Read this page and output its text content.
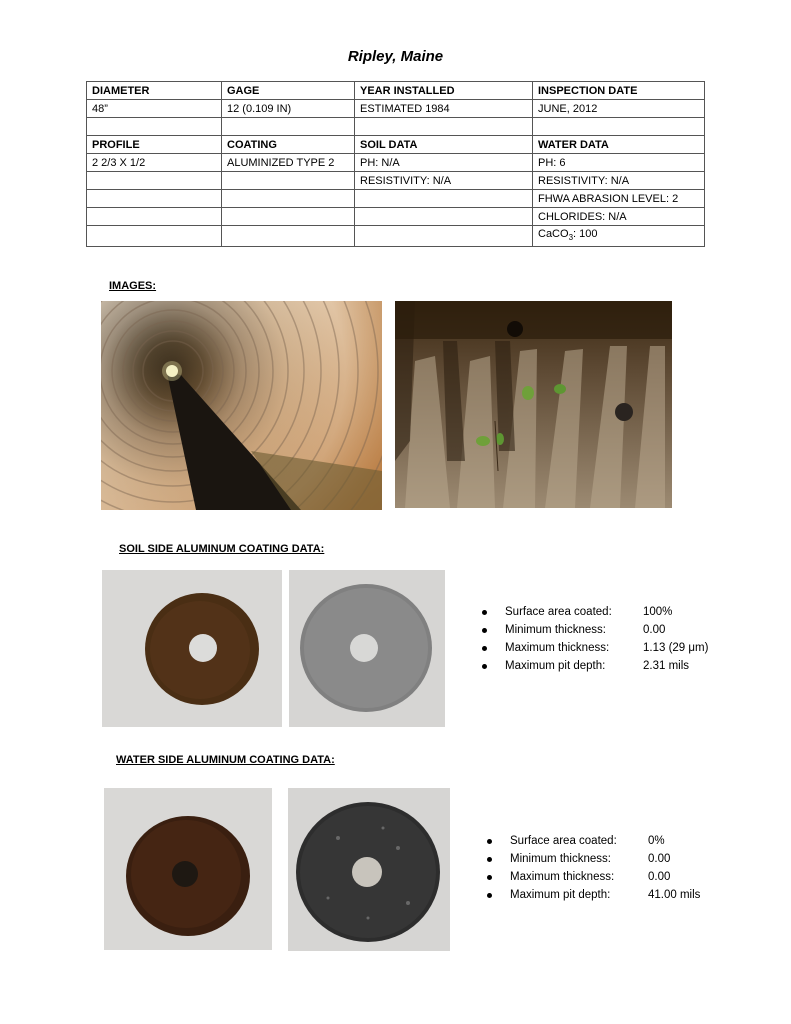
Ripley, Maine
DIAMETER	GAGE	YEAR INSTALLED	INSPECTION DATE
48”	12 (0.109 IN)	ESTIMATED 1984	JUNE, 2012

PROFILE	COATING	SOIL DATA	WATER DATA
2 2/3 X 1/2	ALUMINIZED TYPE 2	PH: N/A	PH: 6
		RESISTIVITY: N/A	RESISTIVITY: N/A
			FHWA ABRASION LEVEL: 2
			CHLORIDES: N/A
			CaCO$_3$: 100
IMAGES:
SOIL SIDE ALUMINUM COATING DATA:
Surface area coated:	100%
Minimum thickness:	0.00
Maximum thickness:	1.13 (29 μm)
Maximum pit depth:	2.31 mils
WATER SIDE ALUMINUM COATING DATA:
Surface area coated:	0%
Minimum thickness:	0.00
Maximum thickness:	0.00
Maximum pit depth:	41.00 mils
